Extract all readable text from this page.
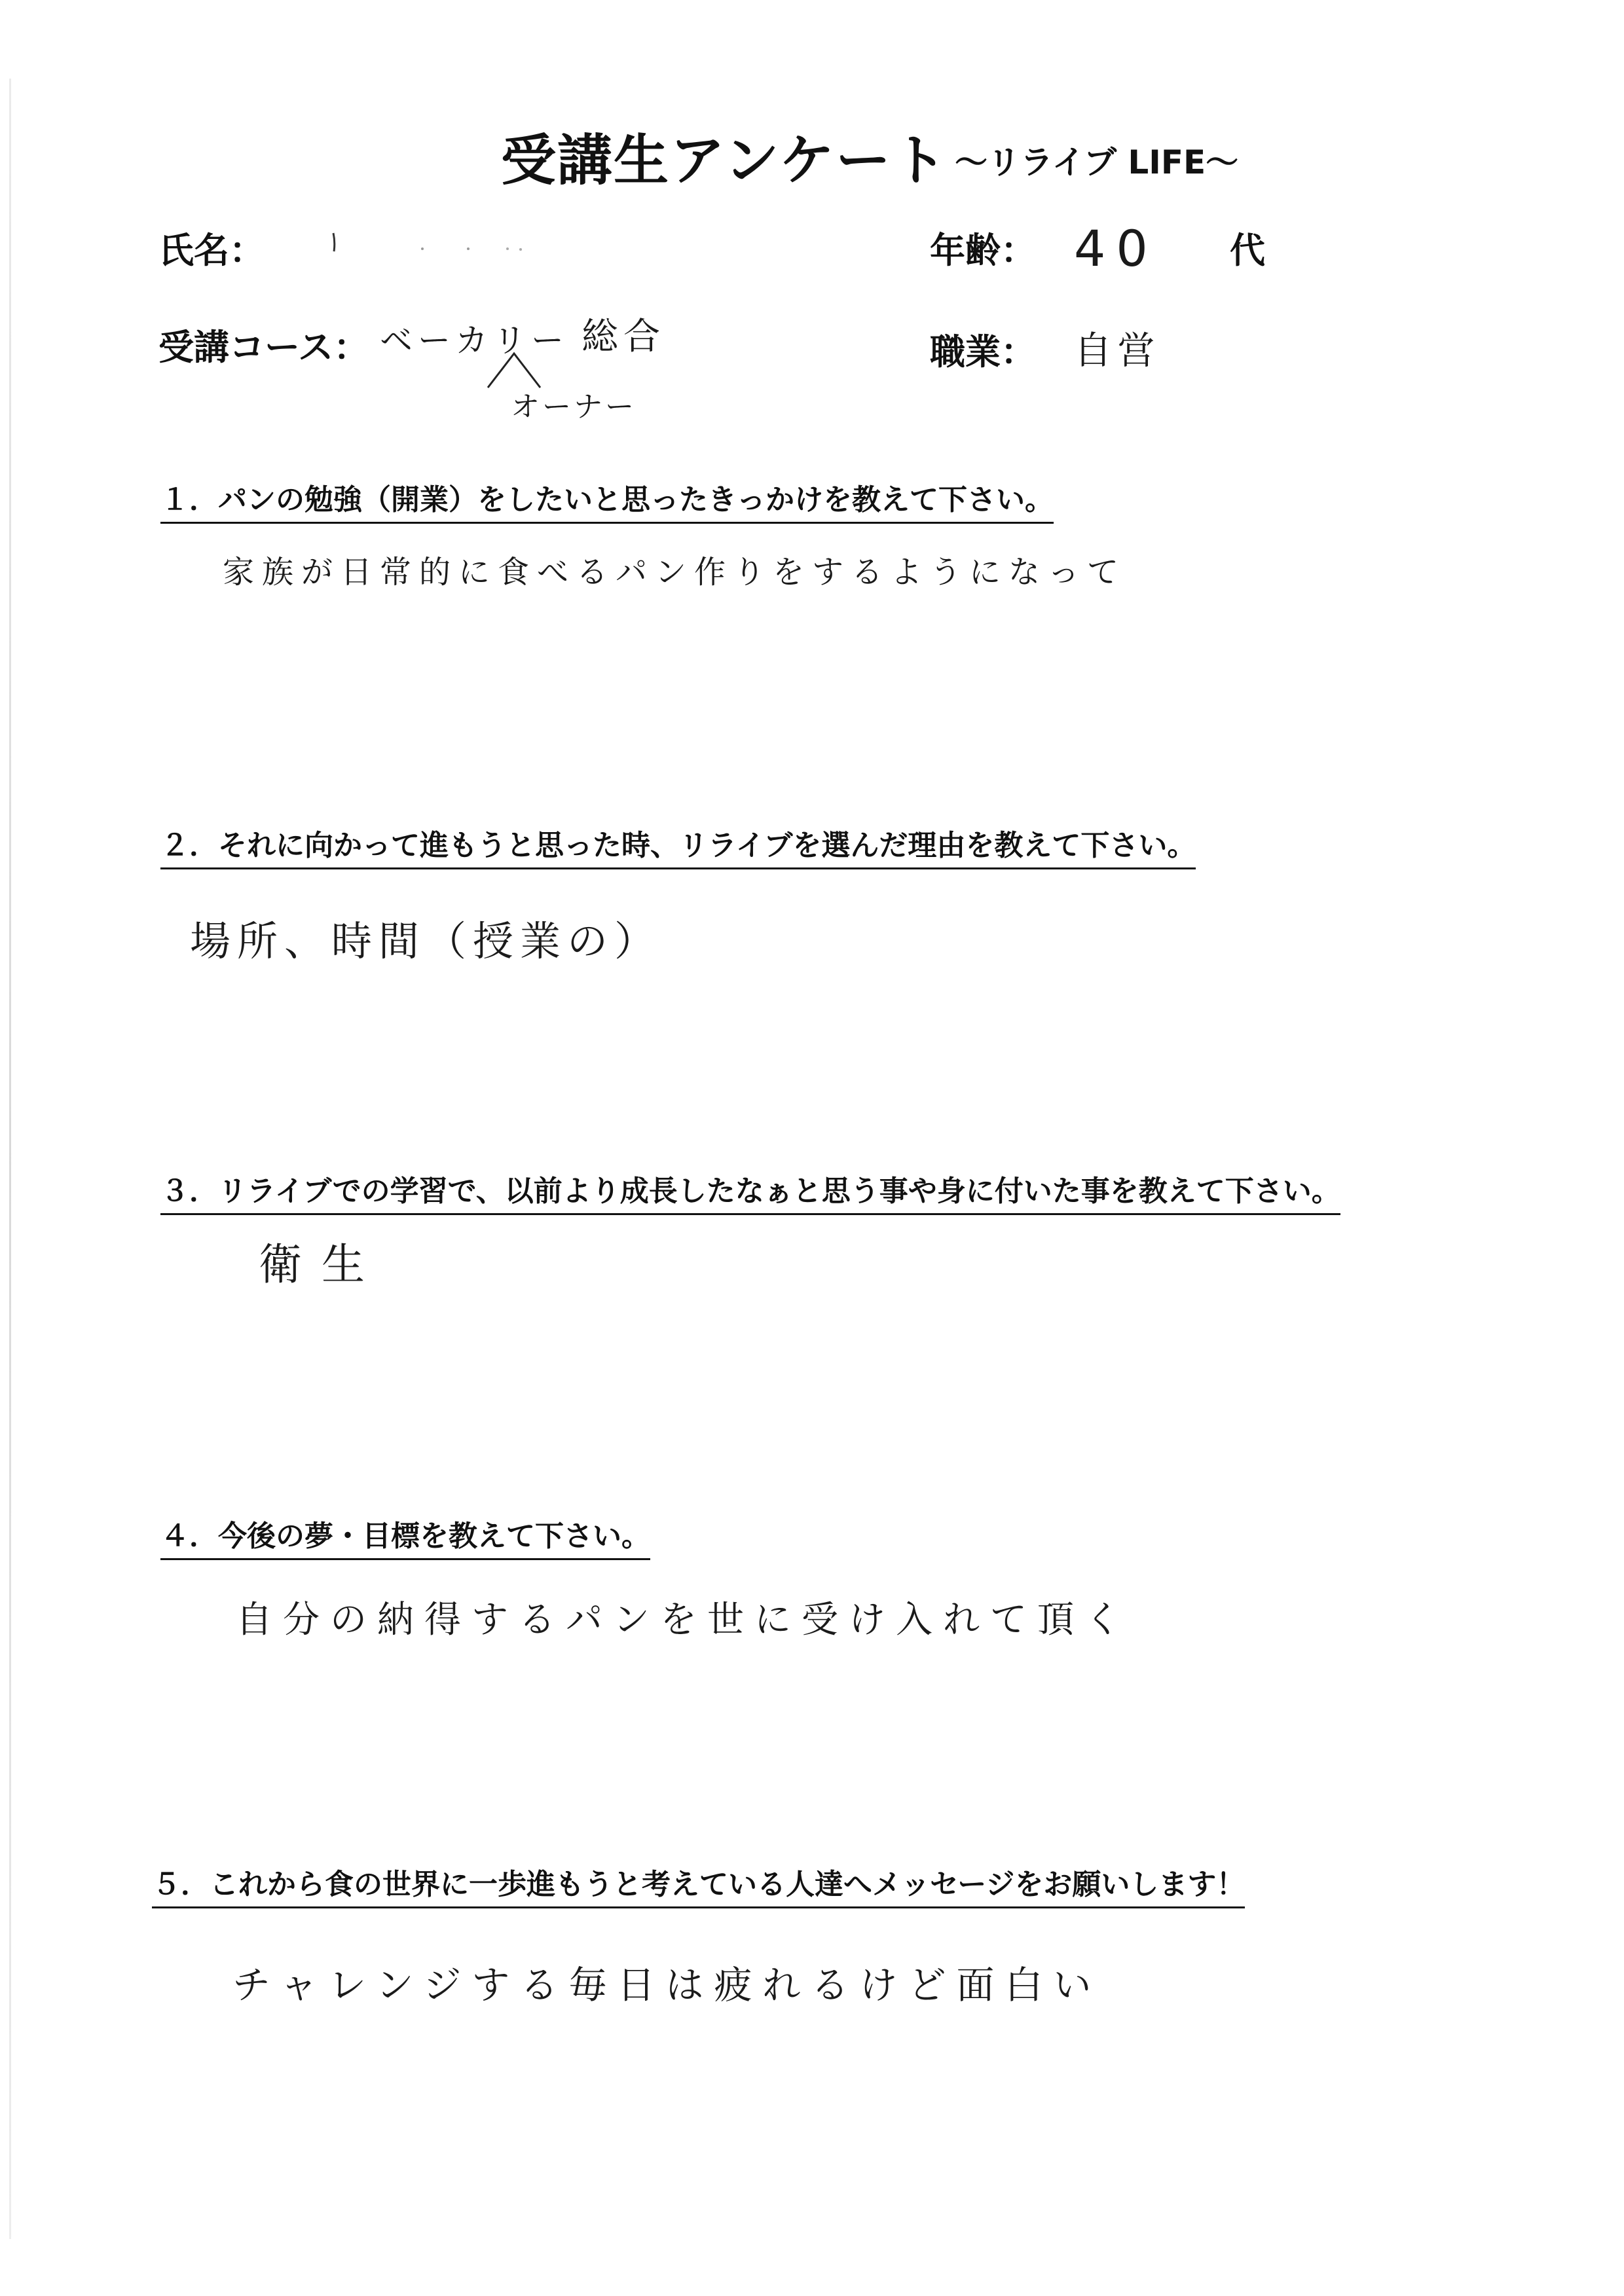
受講生アンケート ～リライブ LIFE～
氏名：	年齢： 40 代
受講コース： ベーカリー 総合
オーナー
職業： 自営
１．パンの勉強（開業）をしたいと思ったきっかけを教えて下さい。
家族が日常的に食べるパン作りをするようになって
２．それに向かって進もうと思った時、リライブを選んだ理由を教えて下さい。
場所、時間（授業の）
３．リライブでの学習で、以前より成長したなぁと思う事や身に付いた事を教えて下さい。
衛生
４．今後の夢・目標を教えて下さい。
自分の納得するパンを世に受け入れて頂く
５．これから食の世界に一歩進もうと考えている人達へメッセージをお願いします！
チャレンジする毎日は疲れるけど面白い
